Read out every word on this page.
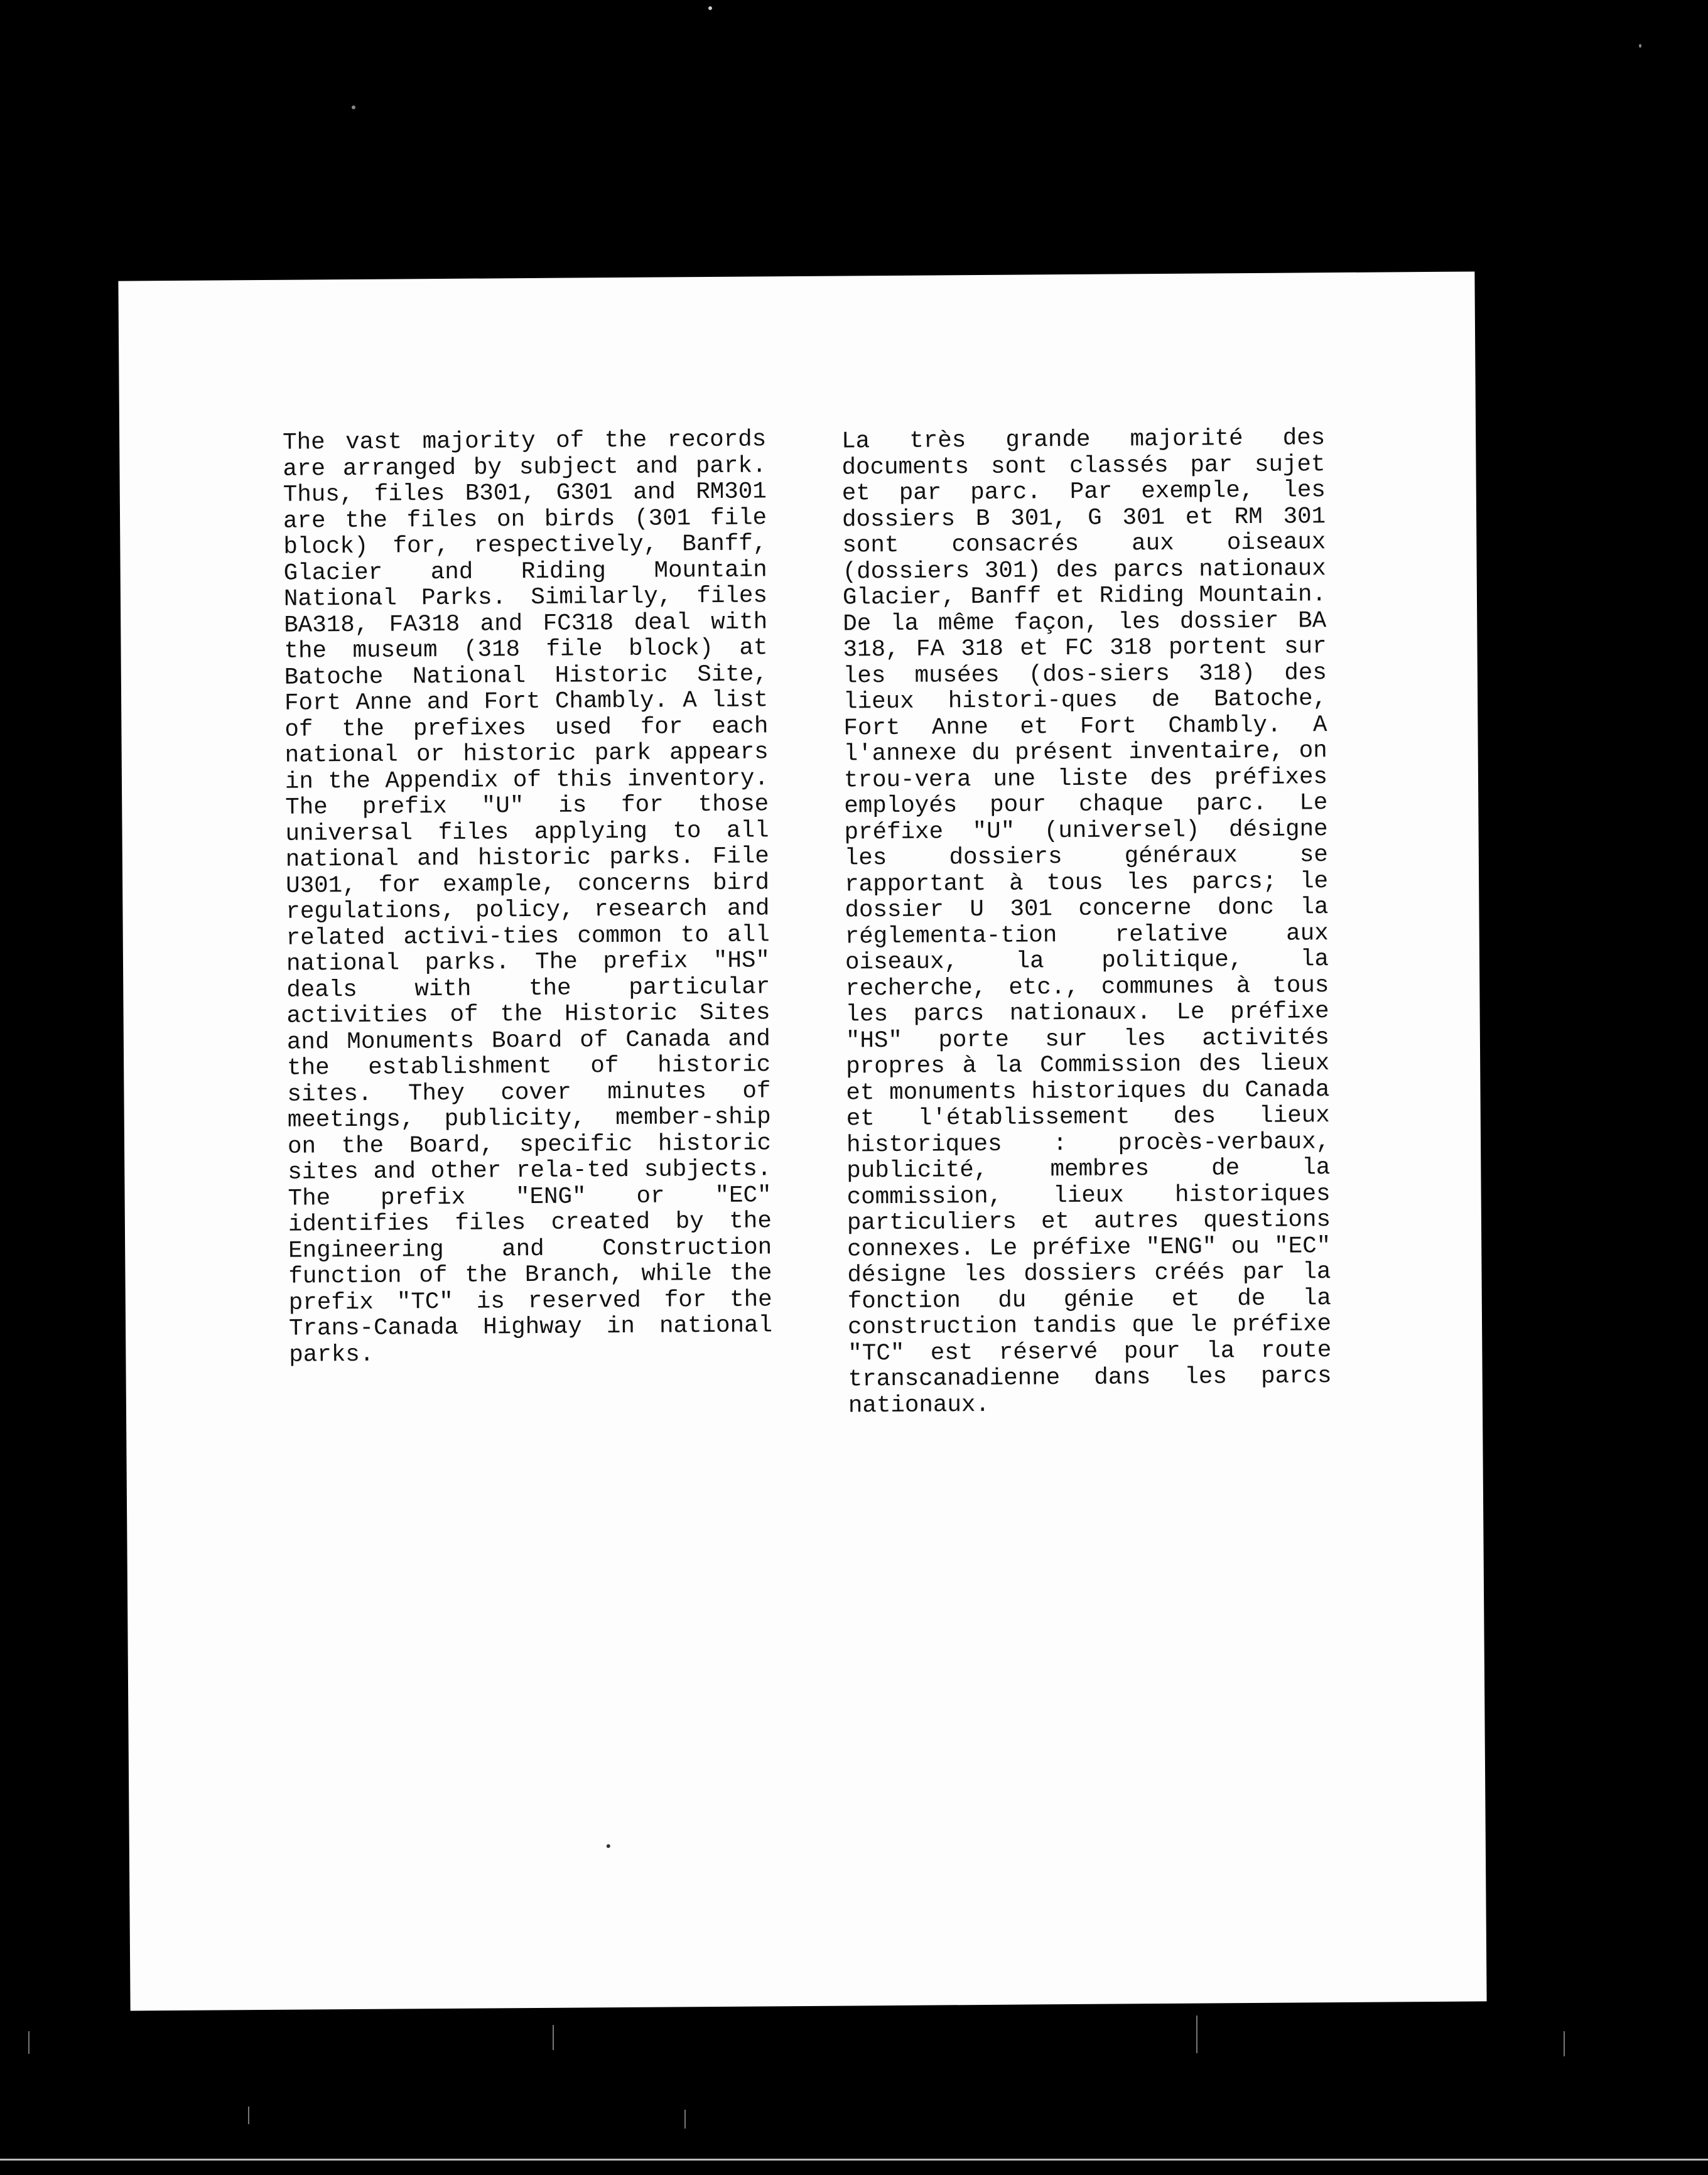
The vast majority of the records are arranged by subject and park. Thus, files B301, G301 and RM301 are the files on birds (301 file block) for, respectively, Banff, Glacier and Riding Mountain National Parks. Similarly, files BA318, FA318 and FC318 deal with the museum (318 file block) at Batoche National Historic Site, Fort Anne and Fort Chambly. A list of the prefixes used for each national or historic park appears in the Appendix of this inventory. The prefix "U" is for those universal files applying to all national and historic parks. File U301, for example, concerns bird regulations, policy, research and related activi-ties common to all national parks. The prefix "HS" deals with the particular activities of the Historic Sites and Monuments Board of Canada and the establishment of historic sites. They cover minutes of meetings, publicity, member-ship on the Board, specific historic sites and other rela-ted subjects. The prefix "ENG" or "EC" identifies files created by the Engineering and Construction function of the Branch, while the prefix "TC" is reserved for the Trans-Canada Highway in national parks.
La très grande majorité des documents sont classés par sujet et par parc. Par exemple, les dossiers B 301, G 301 et RM 301 sont consacrés aux oiseaux (dossiers 301) des parcs nationaux Glacier, Banff et Riding Mountain. De la même façon, les dossier BA 318, FA 318 et FC 318 portent sur les musées (dos-siers 318) des lieux histori-ques de Batoche, Fort Anne et Fort Chambly. A l'annexe du présent inventaire, on trou-vera une liste des préfixes employés pour chaque parc. Le préfixe "U" (universel) désigne les dossiers généraux se rapportant à tous les parcs; le dossier U 301 concerne donc la réglementa-tion relative aux oiseaux, la politique, la recherche, etc., communes à tous les parcs nationaux. Le préfixe "HS" porte sur les activités propres à la Commission des lieux et monuments historiques du Canada et l'établissement des lieux historiques : procès-verbaux, publicité, membres de la commission, lieux historiques particuliers et autres questions connexes. Le préfixe "ENG" ou "EC" désigne les dossiers créés par la fonction du génie et de la construction tandis que le préfixe "TC" est réservé pour la route transcanadienne dans les parcs nationaux.
